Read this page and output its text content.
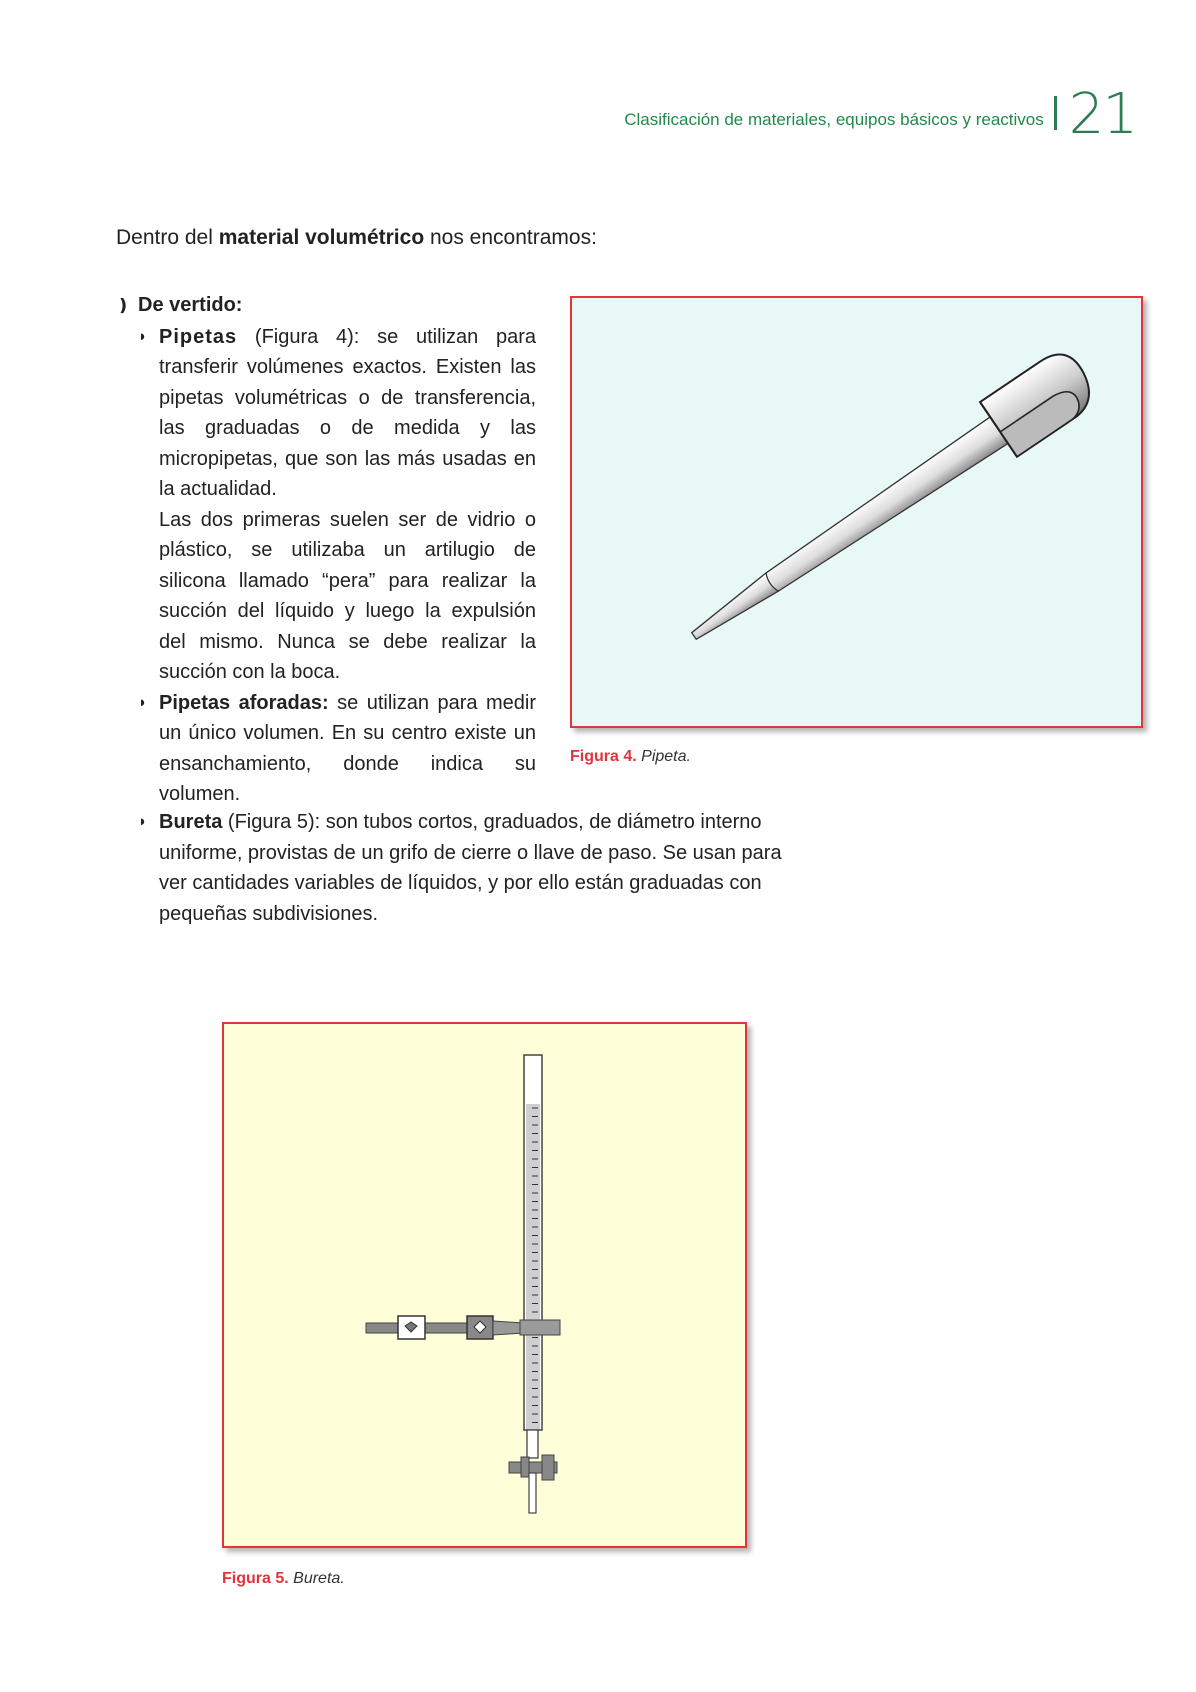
Clasificación de materiales, equipos básicos y reactivos 21

Dentro del material volumétrico nos encontramos:

❫ De vertido:
◗ Pipetas (Figura 4): se utilizan para transferir volúmenes exactos. Existen las pipetas volumétricas o de transferencia, las graduadas o de medida y las micropipetas, que son las más usadas en la actualidad.
Las dos primeras suelen ser de vidrio o plástico, se utilizaba un artilugio de silicona llamado “pera” para realizar la succión del líquido y luego la expulsión del mismo. Nunca se debe realizar la succión con la boca.
◗ Pipetas aforadas: se utilizan para medir un único volumen. En su centro existe un ensanchamiento, donde indica su volumen.
◗ Bureta (Figura 5): son tubos cortos, graduados, de diámetro interno uniforme, provistas de un grifo de cierre o llave de paso. Se usan para ver cantidades variables de líquidos, y por ello están graduadas con pequeñas subdivisiones.
Figura 4. Pipeta.
Figura 5. Bureta.
